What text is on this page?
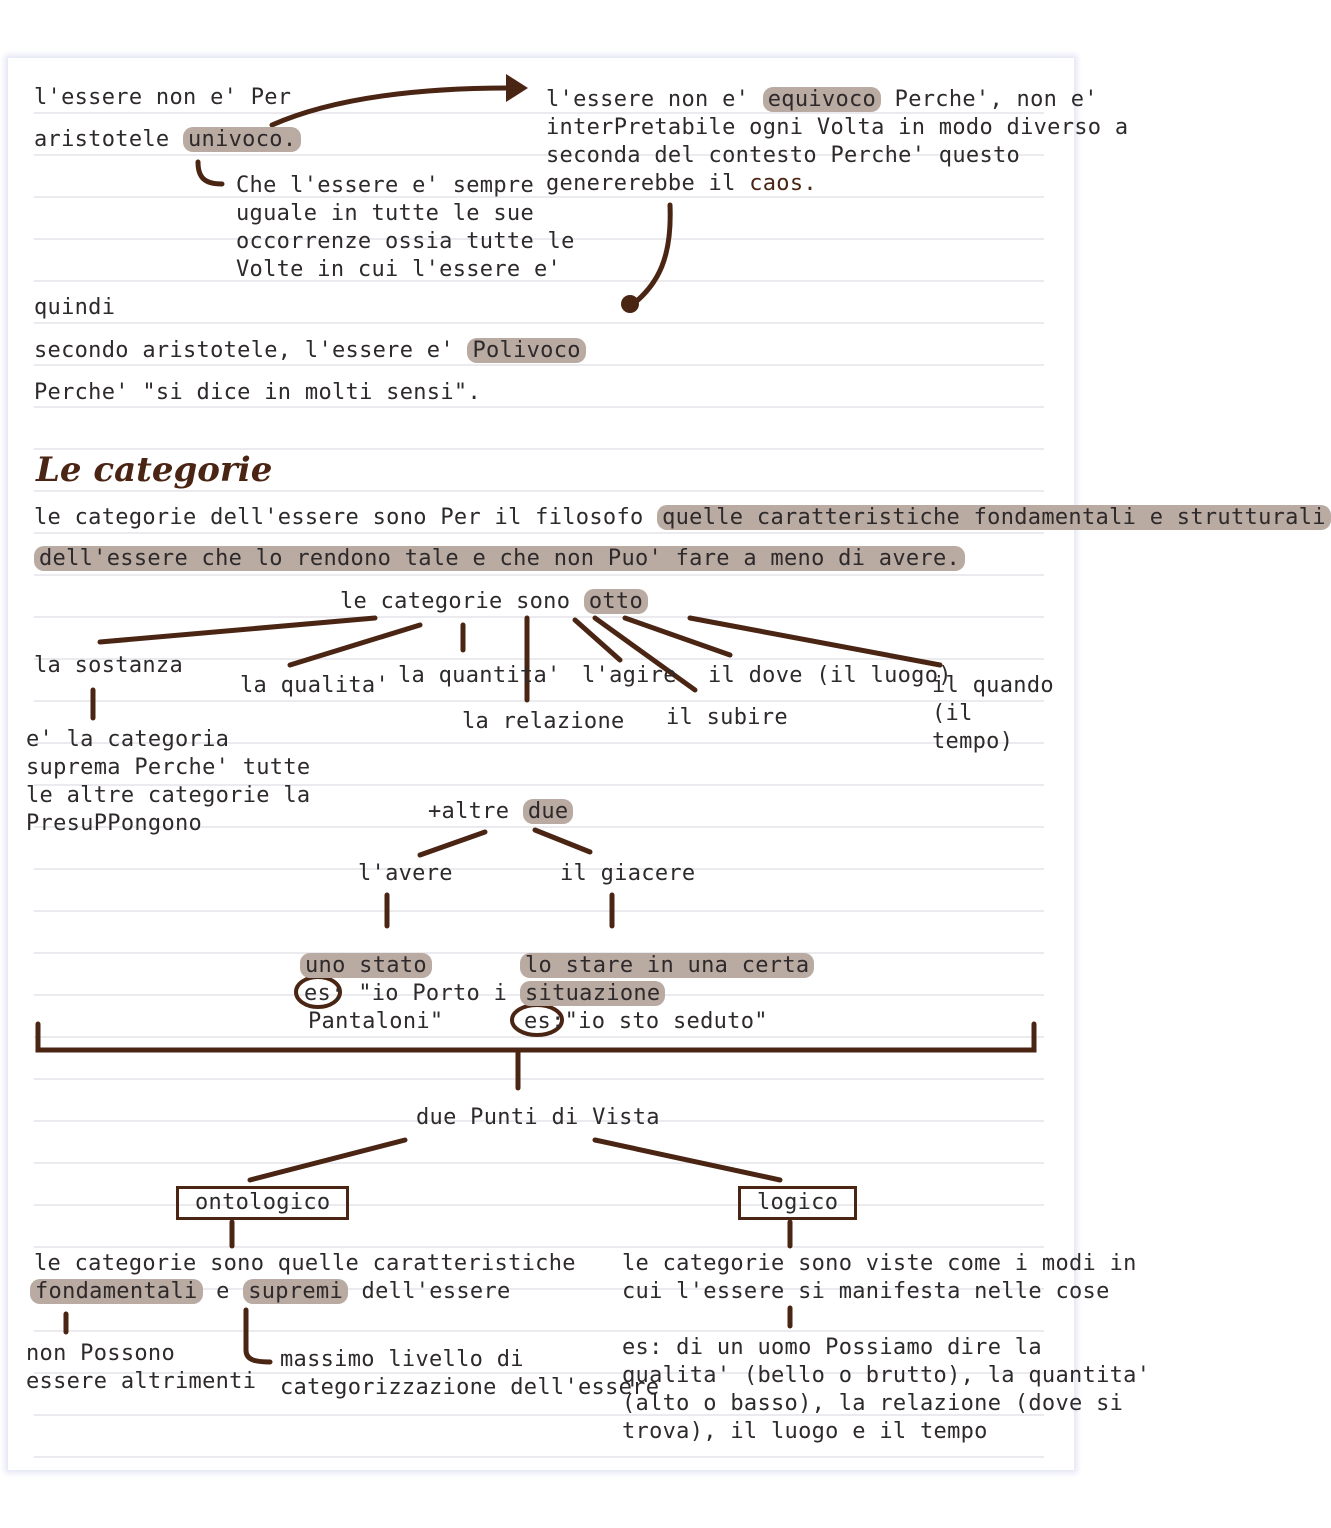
l'essere non e' Per
aristotele univoco.
Che l'essere e' sempre
uguale in tutte le sue
occorrenze ossia tutte le
Volte in cui l'essere e'
l'essere non e' equivoco Perche', non e'
interPretabile ogni Volta in modo diverso a
seconda del contesto Perche' questo
genererebbe il caos.
quindi
secondo aristotele, l'essere e' Polivoco
Perche' "si dice in molti sensi".
Le categorie
le categorie dell'essere sono Per il filosofo quelle caratteristiche fondamentali e strutturali
dell'essere che lo rendono tale e che non Puo' fare a meno di avere.
le categorie sono otto
la sostanza
la qualita' la quantita'
la relazione
l'agire
il subire
il dove (il luogo)
il quando
(il
tempo)
e' la categoria
suprema Perche' tutte
le altre categorie la
PresuPPongono	+altre due
l'avere	il giacere
uno stato
es: "io Porto i
Pantaloni"
lo stare in una certa
situazione
es:"io sto seduto"
due Punti di Vista
ontologico	logico
le categorie sono quelle caratteristiche
fondamentali e supremi dell'essere
non Possono
essere altrimenti
massimo livello di
categorizzazione dell'essere
le categorie sono viste come i modi in
cui l'essere si manifesta nelle cose
es: di un uomo Possiamo dire la
qualita' (bello o brutto), la quantita'
(alto o basso), la relazione (dove si
trova), il luogo e il tempo
